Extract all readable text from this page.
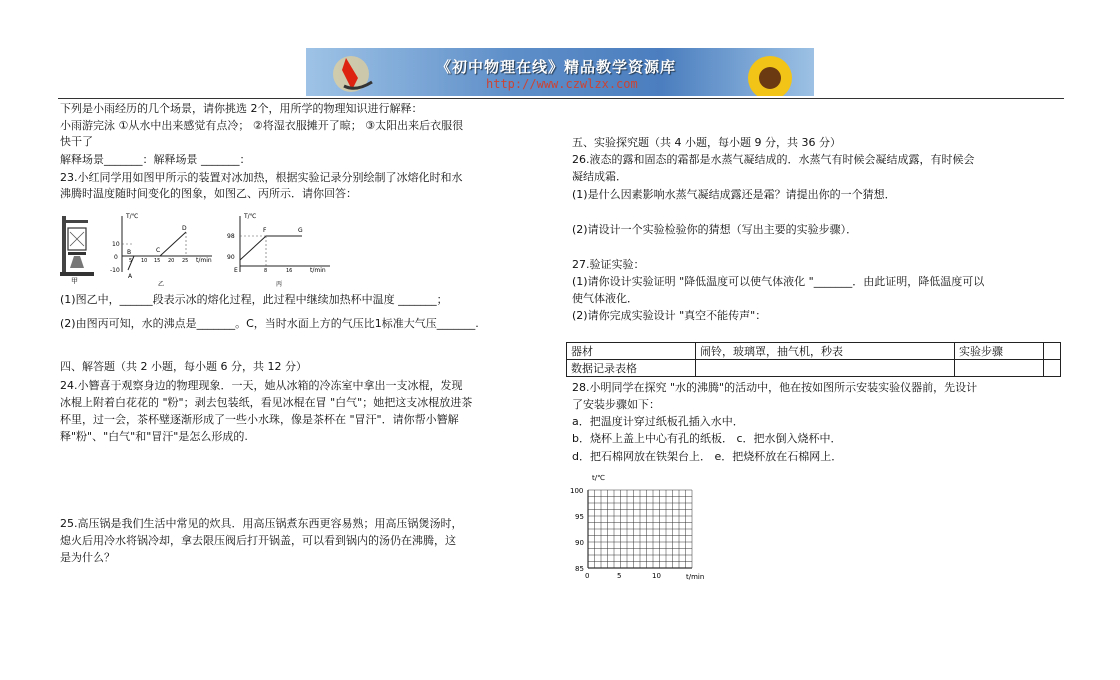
《初中物理在线》精品教学资源库
http://www.czwlzx.com
下列是小雨经历的几个场景，请你挑选 2个，用所学的物理知识进行解释：
小雨游完泳 ①从水中出来感觉有点冷； ②将湿衣服摊开了晾； ③太阳出来后衣服很
快干了
解释场景_______：解释场景 _______：
23.小红同学用如图甲所示的装置对冰加热，根据实验记录分别绘制了冰熔化时和水
沸腾时温度随时间变化的图象，如图乙、丙所示．请你回答：
甲
T/℃
t/min
10
0
-10
10 15 20 25
5
A
B	C
D
乙
T/℃
t/min
98
90
8	16
E
F	G
丙
(1)图乙中，______段表示冰的熔化过程，此过程中继续加热杯中温度 _______；
(2)由图丙可知，水的沸点是_______。C，当时水面上方的气压比1标准大气压_______.
四、解答题（共 2 小题，每小题 6 分，共 12 分）
24.小簪喜于观察身边的物理现象．一天，她从冰箱的冷冻室中拿出一支冰棍，发现
冰棍上附着白花花的 "粉"；剥去包装纸，看见冰棍在冒 "白气"；她把这支冰棍放进茶
杯里，过一会，茶杯璧逐渐形成了一些小水珠，像是茶杯在 "冒汗"．请你帮小簪解
释"粉"、"白气"和"冒汗"是怎么形成的.
25.高压锅是我们生活中常见的炊具．用高压锅煮东西更容易熟；用高压锅煲汤时，
熄火后用冷水将锅冷却，拿去限压阀后打开锅盖，可以看到锅内的汤仍在沸腾，这
是为什么？
五、实验探究题（共 4 小题，每小题 9 分，共 36 分）
26.液态的露和固态的霜都是水蒸气凝结成的．水蒸气有时候会凝结成露，有时候会
凝结成霜．
(1)是什么因素影响水蒸气凝结成露还是霜？请提出你的一个猜想．
(2)请设计一个实验检验你的猜想（写出主要的实验步骤）．
27.验证实验：
(1)请你设计实验证明 "降低温度可以使气体液化 "_______．由此证明，降低温度可以
使气体液化．
(2)请你完成实验设计 "真空不能传声"：
器材	闹铃，玻璃罩，抽气机，秒表	实验步骤	
数据记录表格			
28.小明同学在探究 "水的沸腾"的活动中，他在按如图所示安装实验仪器前，先设计
了安装步骤如下：
a．把温度计穿过纸板孔插入水中．
b．烧杯上盖上中心有孔的纸板． c．把水倒入烧杯中．
d．把石棉网放在铁架台上． e．把烧杯放在石棉网上．
t/℃
t/min
100
95
90
85
0	5	10
